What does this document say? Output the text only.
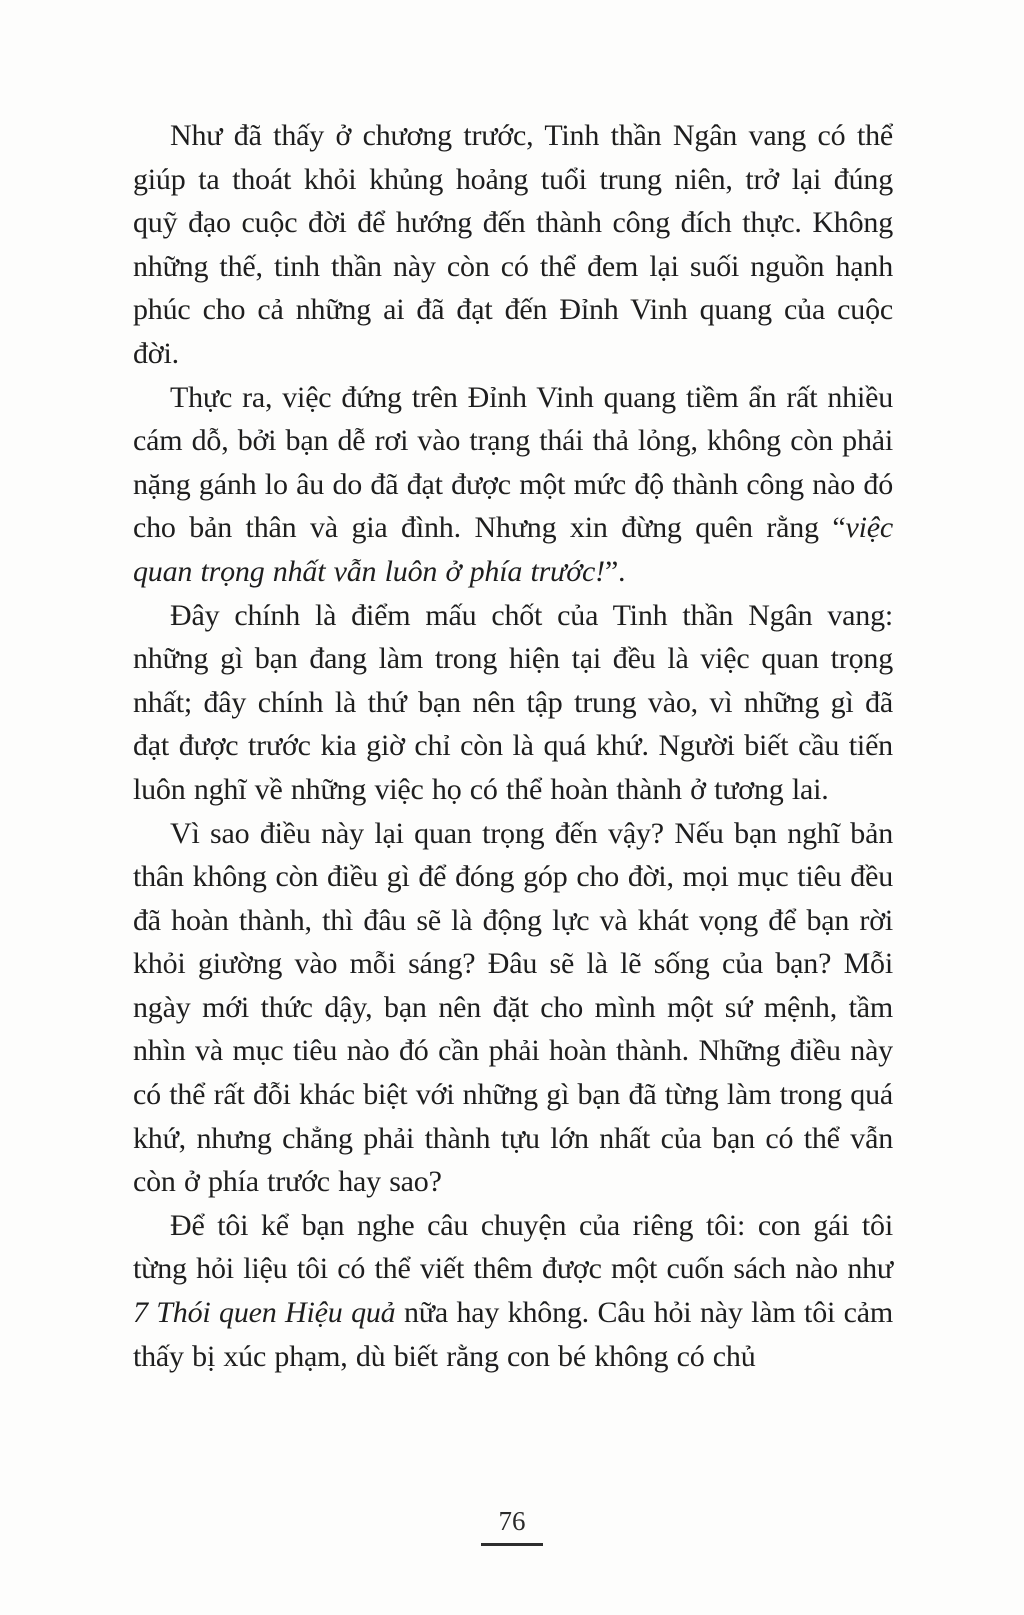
Như đã thấy ở chương trước, Tinh thần Ngân vang có thể giúp ta thoát khỏi khủng hoảng tuổi trung niên, trở lại đúng quỹ đạo cuộc đời để hướng đến thành công đích thực. Không những thế, tinh thần này còn có thể đem lại suối nguồn hạnh phúc cho cả những ai đã đạt đến Đỉnh Vinh quang của cuộc đời.

Thực ra, việc đứng trên Đỉnh Vinh quang tiềm ẩn rất nhiều cám dỗ, bởi bạn dễ rơi vào trạng thái thả lỏng, không còn phải nặng gánh lo âu do đã đạt được một mức độ thành công nào đó cho bản thân và gia đình. Nhưng xin đừng quên rằng “việc quan trọng nhất vẫn luôn ở phía trước!”.

Đây chính là điểm mấu chốt của Tinh thần Ngân vang: những gì bạn đang làm trong hiện tại đều là việc quan trọng nhất; đây chính là thứ bạn nên tập trung vào, vì những gì đã đạt được trước kia giờ chỉ còn là quá khứ. Người biết cầu tiến luôn nghĩ về những việc họ có thể hoàn thành ở tương lai.

Vì sao điều này lại quan trọng đến vậy? Nếu bạn nghĩ bản thân không còn điều gì để đóng góp cho đời, mọi mục tiêu đều đã hoàn thành, thì đâu sẽ là động lực và khát vọng để bạn rời khỏi giường vào mỗi sáng? Đâu sẽ là lẽ sống của bạn? Mỗi ngày mới thức dậy, bạn nên đặt cho mình một sứ mệnh, tầm nhìn và mục tiêu nào đó cần phải hoàn thành. Những điều này có thể rất đỗi khác biệt với những gì bạn đã từng làm trong quá khứ, nhưng chẳng phải thành tựu lớn nhất của bạn có thể vẫn còn ở phía trước hay sao?

Để tôi kể bạn nghe câu chuyện của riêng tôi: con gái tôi từng hỏi liệu tôi có thể viết thêm được một cuốn sách nào như 7 Thói quen Hiệu quả nữa hay không. Câu hỏi này làm tôi cảm thấy bị xúc phạm, dù biết rằng con bé không có chủ

76
